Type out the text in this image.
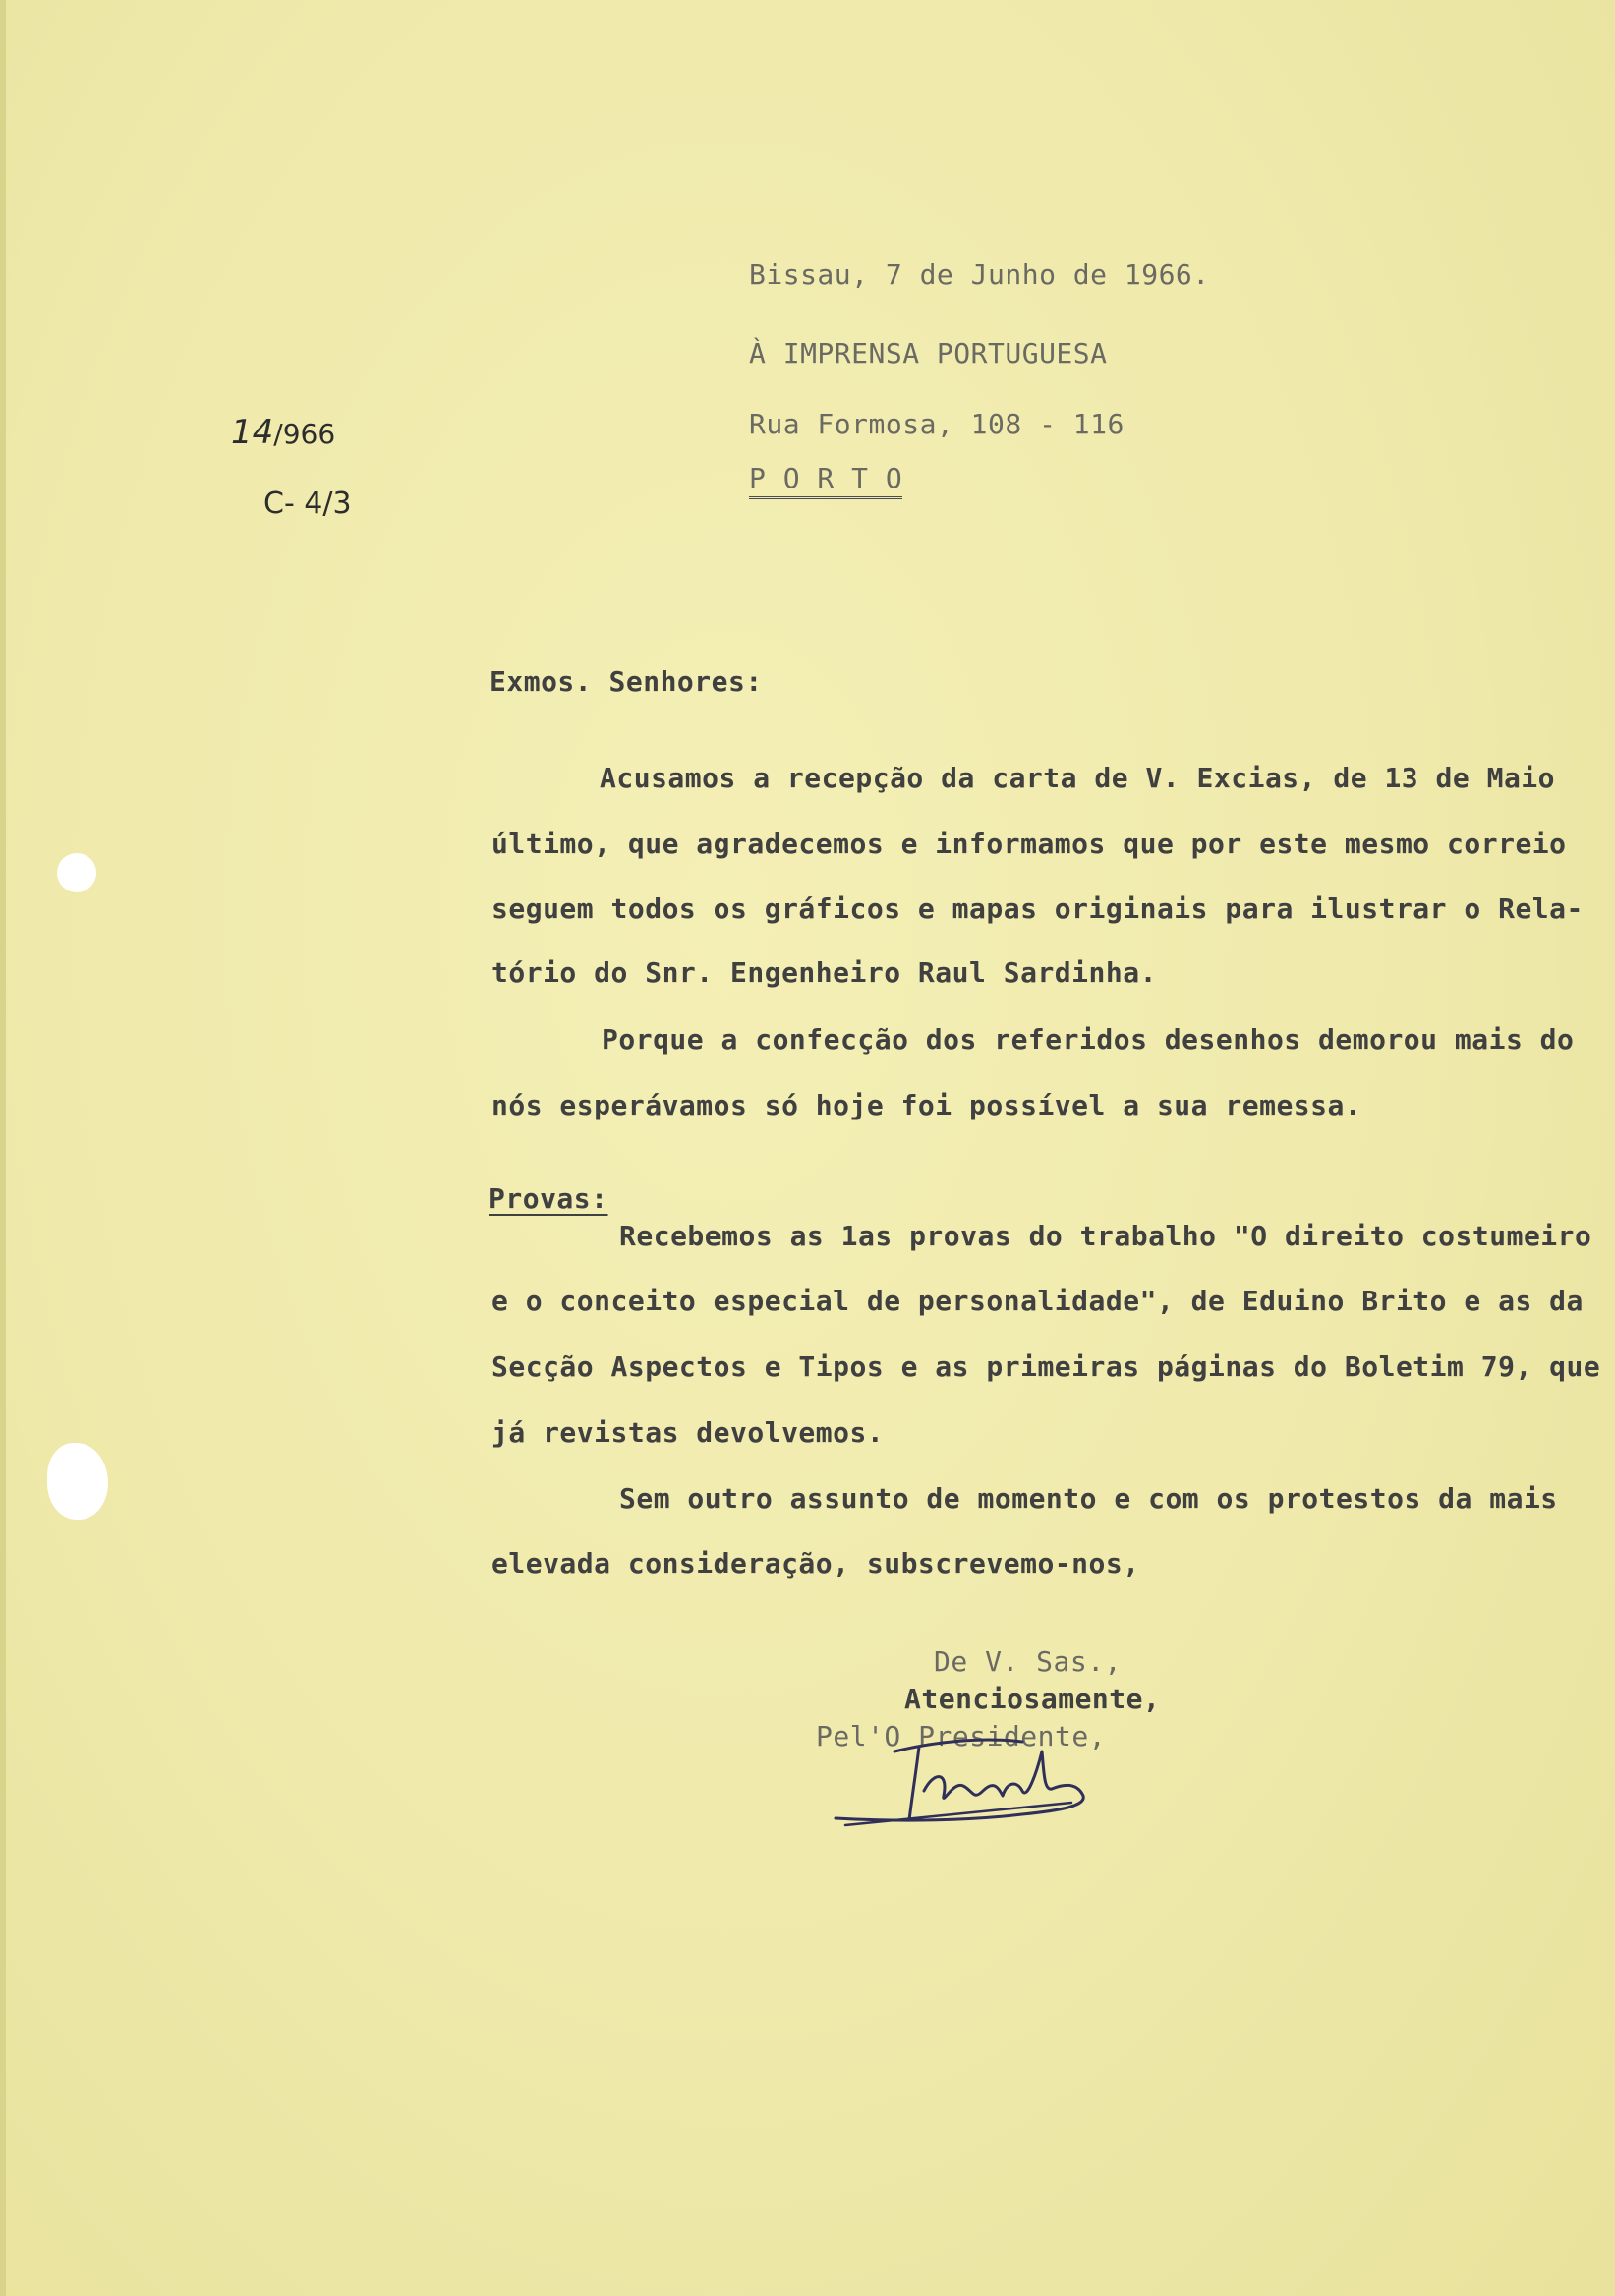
14/966
C- 4/3
Bissau, 7 de Junho de 1966.
À IMPRENSA PORTUGUESA
Rua Formosa, 108 - 116
P O R T O
Exmos. Senhores:
Acusamos a recepção da carta de V. Excias, de 13 de Maio
último, que agradecemos e informamos que por este mesmo correio
seguem todos os gráficos e mapas originais para ilustrar o Rela-
tório do Snr. Engenheiro Raul Sardinha.
Porque a confecção dos referidos desenhos demorou mais do
nós esperávamos só hoje foi possível a sua remessa.
Provas:
Recebemos as 1as provas do trabalho "O direito costumeiro
e o conceito especial de personalidade", de Eduino Brito e as da
Secção Aspectos e Tipos e as primeiras páginas do Boletim 79, que
já revistas devolvemos.
Sem outro assunto de momento e com os protestos da mais
elevada consideração, subscrevemo-nos,
De V. Sas.,
Atenciosamente,
Pel'O Presidente,
